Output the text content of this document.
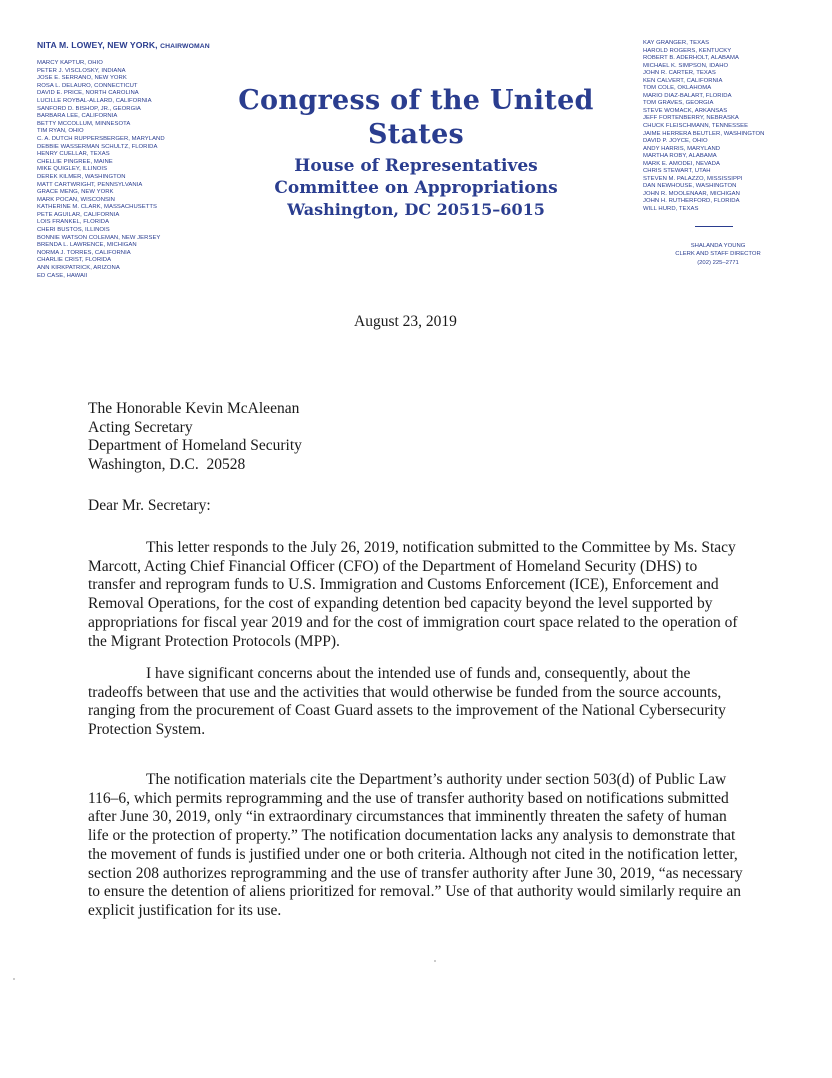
NITA M. LOWEY, NEW YORK, CHAIRWOMAN
MARCY KAPTUR, OHIO
PETER J. VISCLOSKY, INDIANA
JOSE E. SERRANO, NEW YORK
ROSA L. DELAURO, CONNECTICUT
DAVID E. PRICE, NORTH CAROLINA
LUCILLE ROYBAL-ALLARD, CALIFORNIA
SANFORD D. BISHOP, JR., GEORGIA
BARBARA LEE, CALIFORNIA
BETTY MCCOLLUM, MINNESOTA
TIM RYAN, OHIO
C. A. DUTCH RUPPERSBERGER, MARYLAND
DEBBIE WASSERMAN SCHULTZ, FLORIDA
HENRY CUELLAR, TEXAS
CHELLIE PINGREE, MAINE
MIKE QUIGLEY, ILLINOIS
DEREK KILMER, WASHINGTON
MATT CARTWRIGHT, PENNSYLVANIA
GRACE MENG, NEW YORK
MARK POCAN, WISCONSIN
KATHERINE M. CLARK, MASSACHUSETTS
PETE AGUILAR, CALIFORNIA
LOIS FRANKEL, FLORIDA
CHERI BUSTOS, ILLINOIS
BONNIE WATSON COLEMAN, NEW JERSEY
BRENDA L. LAWRENCE, MICHIGAN
NORMA J. TORRES, CALIFORNIA
CHARLIE CRIST, FLORIDA
ANN KIRKPATRICK, ARIZONA
ED CASE, HAWAII
Congress of the United States
House of Representatives
Committee on Appropriations
Washington, DC 20515–6015
KAY GRANGER, TEXAS
HAROLD ROGERS, KENTUCKY
ROBERT B. ADERHOLT, ALABAMA
MICHAEL K. SIMPSON, IDAHO
JOHN R. CARTER, TEXAS
KEN CALVERT, CALIFORNIA
TOM COLE, OKLAHOMA
MARIO DIAZ-BALART, FLORIDA
TOM GRAVES, GEORGIA
STEVE WOMACK, ARKANSAS
JEFF FORTENBERRY, NEBRASKA
CHUCK FLEISCHMANN, TENNESSEE
JAIME HERRERA BEUTLER, WASHINGTON
DAVID P. JOYCE, OHIO
ANDY HARRIS, MARYLAND
MARTHA ROBY, ALABAMA
MARK E. AMODEI, NEVADA
CHRIS STEWART, UTAH
STEVEN M. PALAZZO, MISSISSIPPI
DAN NEWHOUSE, WASHINGTON
JOHN R. MOOLENAAR, MICHIGAN
JOHN H. RUTHERFORD, FLORIDA
WILL HURD, TEXAS
SHALANDA YOUNG
CLERK AND STAFF DIRECTOR
(202) 225–2771
August 23, 2019
The Honorable Kevin McAleenan
Acting Secretary
Department of Homeland Security
Washington, D.C.  20528
Dear Mr. Secretary:

This letter responds to the July 26, 2019, notification submitted to the Committee by Ms. Stacy Marcott, Acting Chief Financial Officer (CFO) of the Department of Homeland Security (DHS) to transfer and reprogram funds to U.S. Immigration and Customs Enforcement (ICE), Enforcement and Removal Operations, for the cost of expanding detention bed capacity beyond the level supported by appropriations for fiscal year 2019 and for the cost of immigration court space related to the operation of the Migrant Protection Protocols (MPP).

I have significant concerns about the intended use of funds and, consequently, about the tradeoffs between that use and the activities that would otherwise be funded from the source accounts, ranging from the procurement of Coast Guard assets to the improvement of the National Cybersecurity Protection System.

The notification materials cite the Department’s authority under section 503(d) of Public Law 116–6, which permits reprogramming and the use of transfer authority based on notifications submitted after June 30, 2019, only “in extraordinary circumstances that imminently threaten the safety of human life or the protection of property.” The notification documentation lacks any analysis to demonstrate that the movement of funds is justified under one or both criteria. Although not cited in the notification letter, section 208 authorizes reprogramming and the use of transfer authority after June 30, 2019, “as necessary to ensure the detention of aliens prioritized for removal.” Use of that authority would similarly require an explicit justification for its use.
